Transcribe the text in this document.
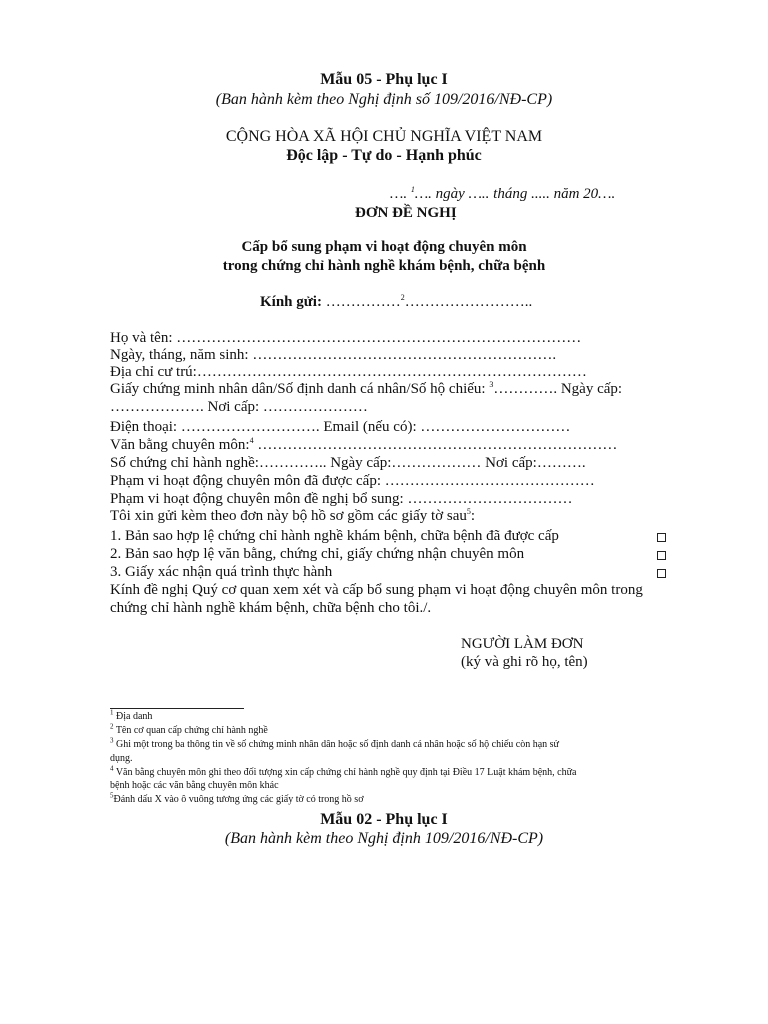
Mẫu 05 - Phụ lục I
(Ban hành kèm theo Nghị định số 109/2016/NĐ-CP)
CỘNG HÒA XÃ HỘI CHỦ NGHĨA VIỆT NAM
Độc lập - Tự do - Hạnh phúc
…. $^1$…. ngày ….. tháng ..... năm 20….
ĐƠN ĐỀ NGHỊ
Cấp bổ sung phạm vi hoạt động chuyên môn
trong chứng chỉ hành nghề khám bệnh, chữa bệnh
Kính gửi: ……………$^2$……………………..
Họ và tên: ………………………………………………………………………
Ngày, tháng, năm sinh: …………………………………………………….
Địa chỉ cư trú:……………………………………………………………………
Giấy chứng minh nhân dân/Số định danh cá nhân/Số hộ chiếu: $^3$…………. Ngày cấp:
………………. Nơi cấp: …………………
Điện thoại: ………………………. Email (nếu có): …………………………
Văn bằng chuyên môn:$^4$ ………………………………………………………………
Số chứng chỉ hành nghề:………….. Ngày cấp:……………… Nơi cấp:……….
Phạm vi hoạt động chuyên môn đã được cấp: ……………………………………
Phạm vi hoạt động chuyên môn đề nghị bổ sung: ……………………………
Tôi xin gửi kèm theo đơn này bộ hồ sơ gồm các giấy tờ sau$^5$:
1. Bản sao hợp lệ chứng chỉ hành nghề khám bệnh, chữa bệnh đã được cấp
2. Bản sao hợp lệ văn bằng, chứng chỉ, giấy chứng nhận chuyên môn
3. Giấy xác nhận quá trình thực hành
Kính đề nghị Quý cơ quan xem xét và cấp bổ sung phạm vi hoạt động chuyên môn trong
chứng chỉ hành nghề khám bệnh, chữa bệnh cho tôi./.
NGƯỜI LÀM ĐƠN
(ký và ghi rõ họ, tên)
$^1$ Địa danh
$^2$ Tên cơ quan cấp chứng chỉ hành nghề
$^3$ Ghi một trong ba thông tin về số chứng minh nhân dân hoặc số định danh cá nhân hoặc số hộ chiếu còn hạn sử
dụng.
$^4$ Văn bằng chuyên môn ghi theo đối tượng xin cấp chứng chỉ hành nghề quy định tại Điều 17 Luật khám bệnh, chữa
bệnh hoặc các văn bằng chuyên môn khác
$^5$Đánh dấu X vào ô vuông tương ứng các giấy tờ có trong hồ sơ
Mẫu 02 - Phụ lục I
(Ban hành kèm theo Nghị định 109/2016/NĐ-CP)
